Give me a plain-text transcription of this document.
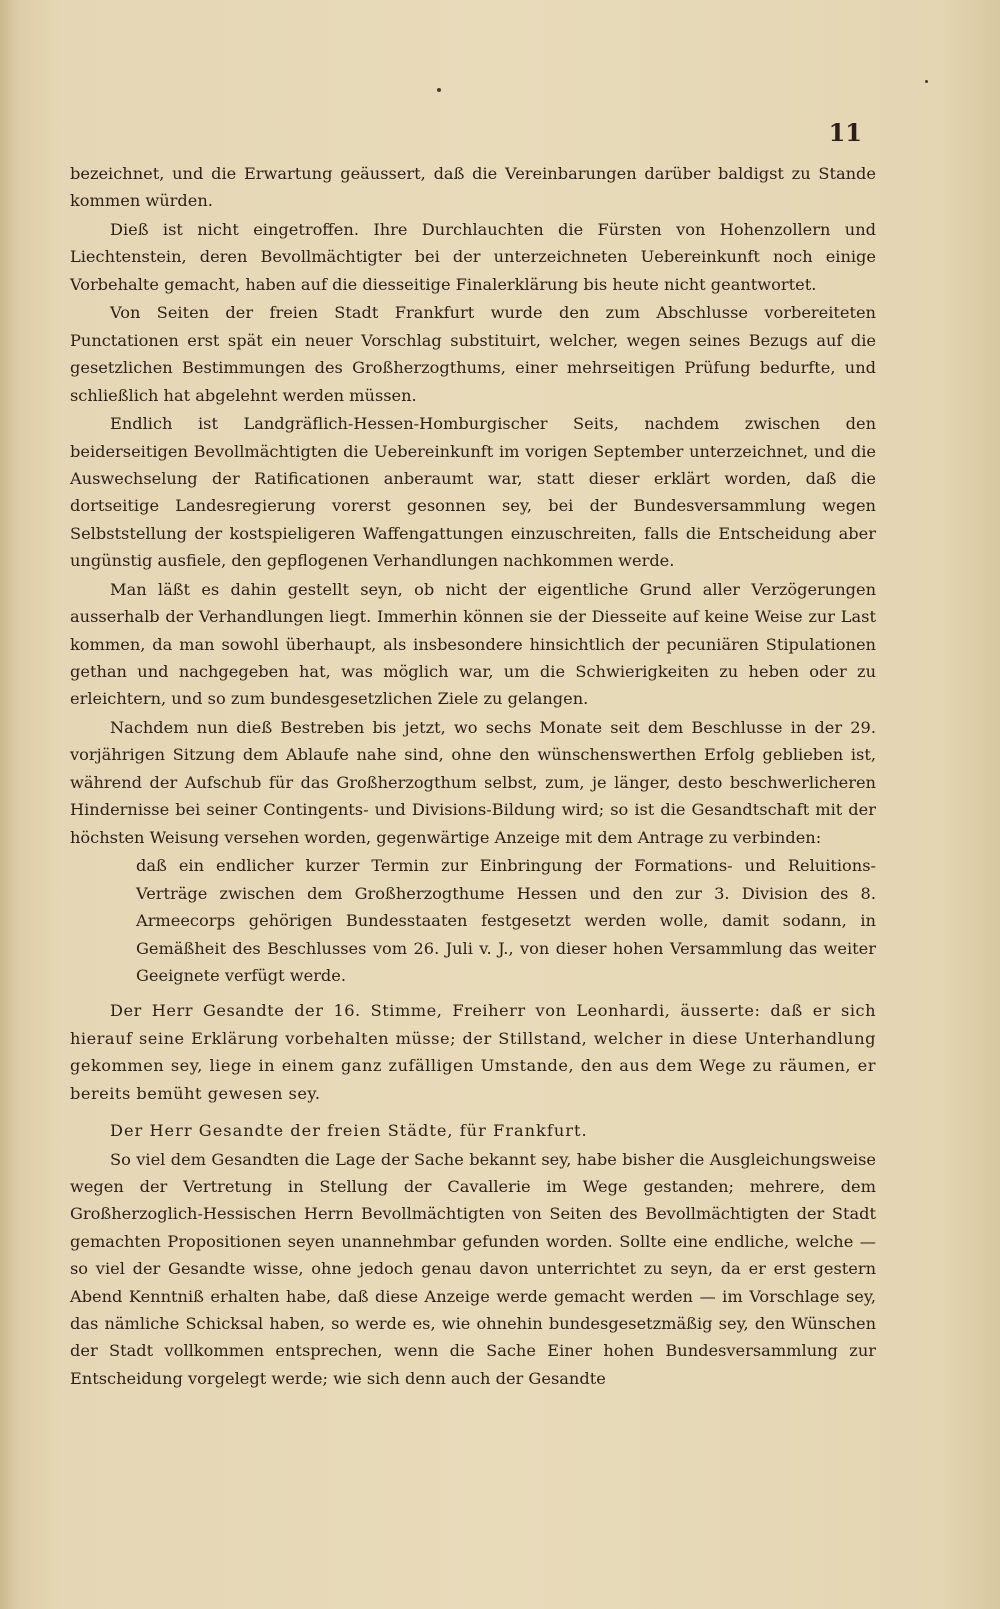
11

bezeichnet, und die Erwartung geäussert, daß die Vereinbarungen darüber baldigst zu Stande kommen würden.

Dieß ist nicht eingetroffen. Ihre Durchlauchten die Fürsten von Hohenzollern und Liechtenstein, deren Bevollmächtigter bei der unterzeichneten Uebereinkunft noch einige Vorbehalte gemacht, haben auf die diesseitige Finalerklärung bis heute nicht geantwortet.

Von Seiten der freien Stadt Frankfurt wurde den zum Abschlusse vorbereiteten Punctationen erst spät ein neuer Vorschlag substituirt, welcher, wegen seines Bezugs auf die gesetzlichen Bestimmungen des Großherzogthums, einer mehrseitigen Prüfung bedurfte, und schließlich hat abgelehnt werden müssen.

Endlich ist Landgräflich-Hessen-Homburgischer Seits, nachdem zwischen den beiderseitigen Bevollmächtigten die Uebereinkunft im vorigen September unterzeichnet, und die Auswechselung der Ratificationen anberaumt war, statt dieser erklärt worden, daß die dortseitige Landesregierung vorerst gesonnen sey, bei der Bundesversammlung wegen Selbststellung der kostspieligeren Waffengattungen einzuschreiten, falls die Entscheidung aber ungünstig ausfiele, den gepflogenen Verhandlungen nachkommen werde.

Man läßt es dahin gestellt seyn, ob nicht der eigentliche Grund aller Verzögerungen ausserhalb der Verhandlungen liegt. Immerhin können sie der Diesseite auf keine Weise zur Last kommen, da man sowohl überhaupt, als insbesondere hinsichtlich der pecuniären Stipulationen gethan und nachgegeben hat, was möglich war, um die Schwierigkeiten zu heben oder zu erleichtern, und so zum bundesgesetzlichen Ziele zu gelangen.

Nachdem nun dieß Bestreben bis jetzt, wo sechs Monate seit dem Beschlusse in der 29. vorjährigen Sitzung dem Ablaufe nahe sind, ohne den wünschenswerthen Erfolg geblieben ist, während der Aufschub für das Großherzogthum selbst, zum, je länger, desto beschwerlicheren Hindernisse bei seiner Contingents- und Divisions-Bildung wird; so ist die Gesandtschaft mit der höchsten Weisung versehen worden, gegenwärtige Anzeige mit dem Antrage zu verbinden:

daß ein endlicher kurzer Termin zur Einbringung der Formations- und Reluitions-Verträge zwischen dem Großherzogthume Hessen und den zur 3. Division des 8. Armeecorps gehörigen Bundesstaaten festgesetzt werden wolle, damit sodann, in Gemäßheit des Beschlusses vom 26. Juli v. J., von dieser hohen Versammlung das weiter Geeignete verfügt werde.

Der Herr Gesandte der 16. Stimme, Freiherr von Leonhardi, äusserte: daß er sich hierauf seine Erklärung vorbehalten müsse; der Stillstand, welcher in diese Unterhandlung gekommen sey, liege in einem ganz zufälligen Umstande, den aus dem Wege zu räumen, er bereits bemüht gewesen sey.

Der Herr Gesandte der freien Städte, für Frankfurt.

So viel dem Gesandten die Lage der Sache bekannt sey, habe bisher die Ausgleichungsweise wegen der Vertretung in Stellung der Cavallerie im Wege gestanden; mehrere, dem Großherzoglich-Hessischen Herrn Bevollmächtigten von Seiten des Bevollmächtigten der Stadt gemachten Propositionen seyen unannehmbar gefunden worden. Sollte eine endliche, welche — so viel der Gesandte wisse, ohne jedoch genau davon unterrichtet zu seyn, da er erst gestern Abend Kenntniß erhalten habe, daß diese Anzeige werde gemacht werden — im Vorschlage sey, das nämliche Schicksal haben, so werde es, wie ohnehin bundesgesetzmäßig sey, den Wünschen der Stadt vollkommen entsprechen, wenn die Sache Einer hohen Bundesversammlung zur Entscheidung vorgelegt werde; wie sich denn auch der Gesandte
